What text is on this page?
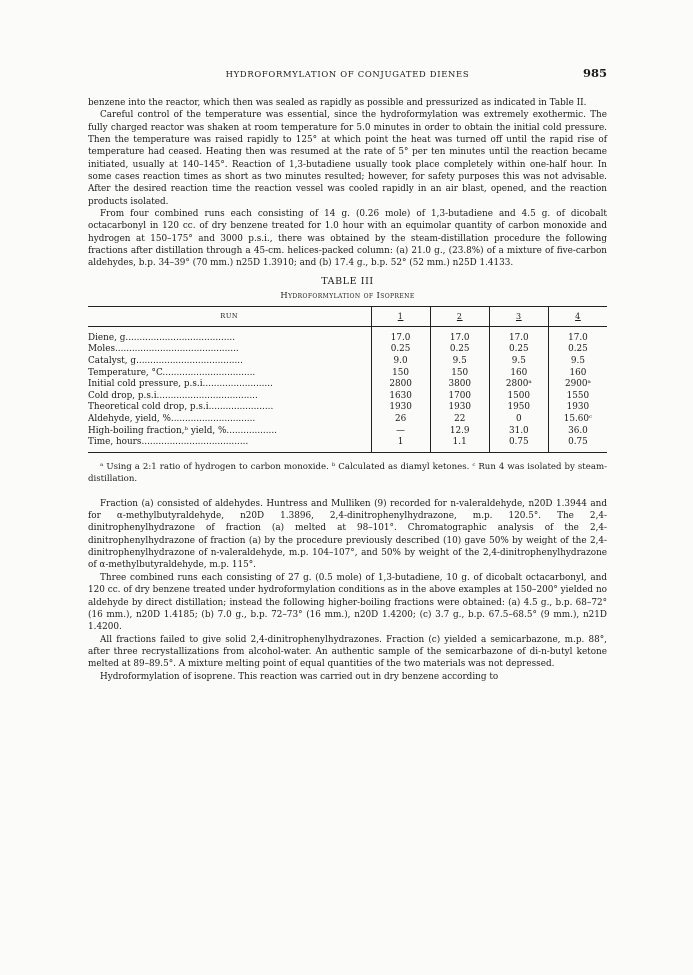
HYDROFORMYLATION OF CONJUGATED DIENES	985

benzene into the reactor, which then was sealed as rapidly as possible and pressurized as indicated in Table II.

Careful control of the temperature was essential, since the hydroformylation was extremely exothermic. The fully charged reactor was shaken at room temperature for 5.0 minutes in order to obtain the initial cold pressure. Then the temperature was raised rapidly to 125° at which point the heat was turned off until the rapid rise of temperature had ceased. Heating then was resumed at the rate of 5° per ten minutes until the reaction became initiated, usually at 140–145°. Reaction of 1,3-butadiene usually took place completely within one-half hour. In some cases reaction times as short as two minutes resulted; however, for safety purposes this was not advisable. After the desired reaction time the reaction vessel was cooled rapidly in an air blast, opened, and the reaction products isolated.

From four combined runs each consisting of 14 g. (0.26 mole) of 1,3-butadiene and 4.5 g. of dicobalt octacarbonyl in 120 cc. of dry benzene treated for 1.0 hour with an equimolar quantity of carbon monoxide and hydrogen at 150–175° and 3000 p.s.i., there was obtained by the steam-distillation procedure the following fractions after distillation through a 45-cm. helices-packed column: (a) 21.0 g., (23.8%) of a mixture of five-carbon aldehydes, b.p. 34–39° (70 mm.) n25D 1.3910; and (b) 17.4 g., b.p. 52° (52 mm.) n25D 1.4133.

TABLE III
Hydroformylation of Isoprene
RUN	1	2	3	4
Diene, g.......................................	17.0	17.0	17.0	17.0
Moles............................................	0.25	0.25	0.25	0.25
Catalyst, g......................................	9.0	9.5	9.5	9.5
Temperature, °C.................................	150	150	160	160
Initial cold pressure, p.s.i.........................	2800	3800	2800ᵃ	2900ᵃ
Cold drop, p.s.i....................................	1630	1700	1500	1550
Theoretical cold drop, p.s.i.......................	1930	1930	1950	1930
Aldehyde, yield, %..............................	26	22	0	15.60ᶜ
High-boiling fraction,ᵇ yield, %..................	—	12.9	31.0	36.0
Time, hours......................................	1	1.1	0.75	0.75

ᵃ Using a 2:1 ratio of hydrogen to carbon monoxide. ᵇ Calculated as diamyl ketones. ᶜ Run 4 was isolated by steam-distillation.

Fraction (a) consisted of aldehydes. Huntress and Mulliken (9) recorded for n-valeraldehyde, n20D 1.3944 and for α-methylbutyraldehyde, n20D 1.3896, 2,4-dinitrophenylhydrazone, m.p. 120.5°. The 2,4-dinitrophenylhydrazone of fraction (a) melted at 98–101°. Chromatographic analysis of the 2,4-dinitrophenylhydrazone of fraction (a) by the procedure previously described (10) gave 50% by weight of the 2,4-dinitrophenylhydrazone of n-valeraldehyde, m.p. 104–107°, and 50% by weight of the 2,4-dinitrophenylhydrazone of α-methylbutyraldehyde, m.p. 115°.

Three combined runs each consisting of 27 g. (0.5 mole) of 1,3-butadiene, 10 g. of dicobalt octacarbonyl, and 120 cc. of dry benzene treated under hydroformylation conditions as in the above examples at 150–200° yielded no aldehyde by direct distillation; instead the following higher-boiling fractions were obtained: (a) 4.5 g., b.p. 68–72° (16 mm.), n20D 1.4185; (b) 7.0 g., b.p. 72–73° (16 mm.), n20D 1.4200; (c) 3.7 g., b.p. 67.5–68.5° (9 mm.), n21D 1.4200.

All fractions failed to give solid 2,4-dinitrophenylhydrazones. Fraction (c) yielded a semicarbazone, m.p. 88°, after three recrystallizations from alcohol-water. An authentic sample of the semicarbazone of di-n-butyl ketone melted at 89–89.5°. A mixture melting point of equal quantities of the two materials was not depressed.

Hydroformylation of isoprene. This reaction was carried out in dry benzene according to
